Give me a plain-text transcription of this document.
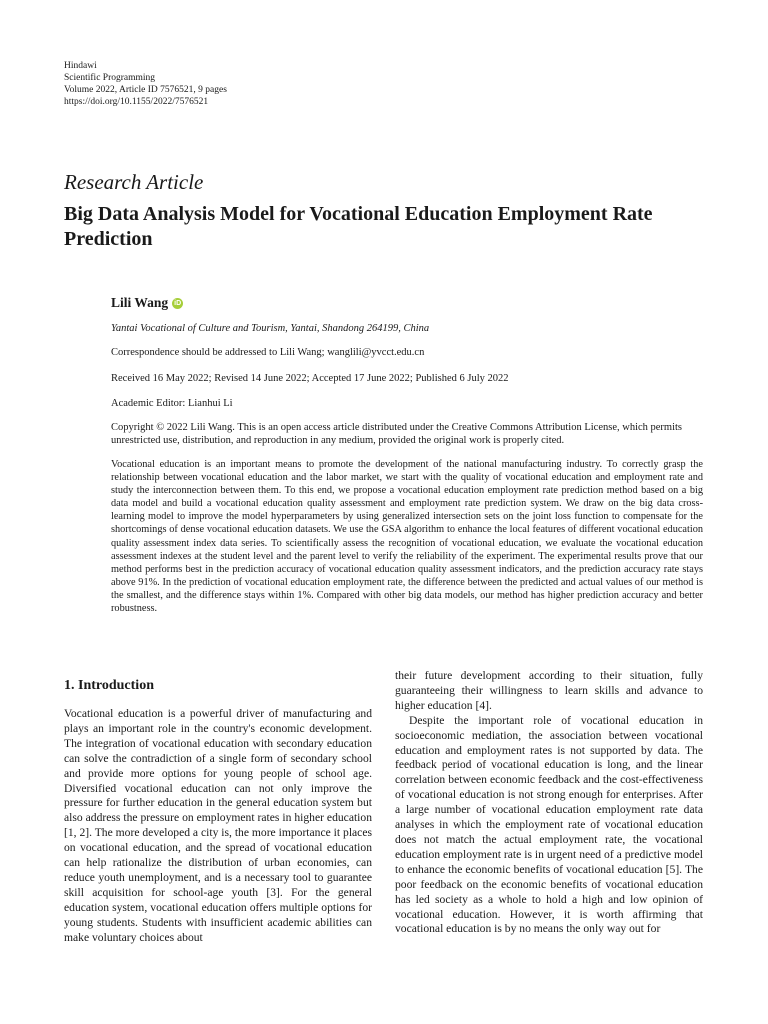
Hindawi
Scientific Programming
Volume 2022, Article ID 7576521, 9 pages
https://doi.org/10.1155/2022/7576521
Research Article
Big Data Analysis Model for Vocational Education Employment Rate Prediction
Lili Wang iD
Yantai Vocational of Culture and Tourism, Yantai, Shandong 264199, China
Correspondence should be addressed to Lili Wang; wanglili@yvcct.edu.cn
Received 16 May 2022; Revised 14 June 2022; Accepted 17 June 2022; Published 6 July 2022
Academic Editor: Lianhui Li
Copyright © 2022 Lili Wang. This is an open access article distributed under the Creative Commons Attribution License, which permits unrestricted use, distribution, and reproduction in any medium, provided the original work is properly cited.

Vocational education is an important means to promote the development of the national manufacturing industry. To correctly grasp the relationship between vocational education and the labor market, we start with the quality of vocational education and employment rate and study the interconnection between them. To this end, we propose a vocational education employment rate prediction method based on a big data model and build a vocational education quality assessment and employment rate prediction system. We draw on the big data cross-learning model to improve the model hyperparameters by using generalized intersection sets on the joint loss function to compensate for the shortcomings of dense vocational education datasets. We use the GSA algorithm to enhance the local features of different vocational education quality assessment index data series. To scientifically assess the recognition of vocational education, we evaluate the vocational education assessment indexes at the student level and the parent level to verify the reliability of the experiment. The experimental results prove that our method performs best in the prediction accuracy of vocational education quality assessment indicators, and the prediction accuracy rate stays above 91%. In the prediction of vocational education employment rate, the difference between the predicted and actual values of our method is the smallest, and the difference stays within 1%. Compared with other big data models, our method has higher prediction accuracy and better robustness.

1. Introduction

Vocational education is a powerful driver of manufacturing and plays an important role in the country's economic development. The integration of vocational education with secondary education can solve the contradiction of a single form of secondary school and provide more options for young people of school age. Diversified vocational education can not only improve the pressure for further education in the general education system but also address the pressure on employment rates in higher education [1, 2]. The more developed a city is, the more importance it places on vocational education, and the spread of vocational education can help rationalize the distribution of urban economies, can reduce youth unemployment, and is a necessary tool to guarantee skill acquisition for school-age youth [3]. For the general education system, vocational education offers multiple options for young students. Students with insufficient academic abilities can make voluntary choices about

their future development according to their situation, fully guaranteeing their willingness to learn skills and advance to higher education [4].

Despite the important role of vocational education in socioeconomic mediation, the association between vocational education and employment rates is not supported by data. The feedback period of vocational education is long, and the linear correlation between economic feedback and the cost-effectiveness of vocational education is not strong enough for enterprises. After a large number of vocational education employment rate data analyses in which the employment rate of vocational education does not match the actual employment rate, the vocational education employment rate is in urgent need of a predictive model to enhance the economic benefits of vocational education [5]. The poor feedback on the economic benefits of vocational education has led society as a whole to hold a high and low opinion of vocational education. However, it is worth affirming that vocational education is by no means the only way out for
